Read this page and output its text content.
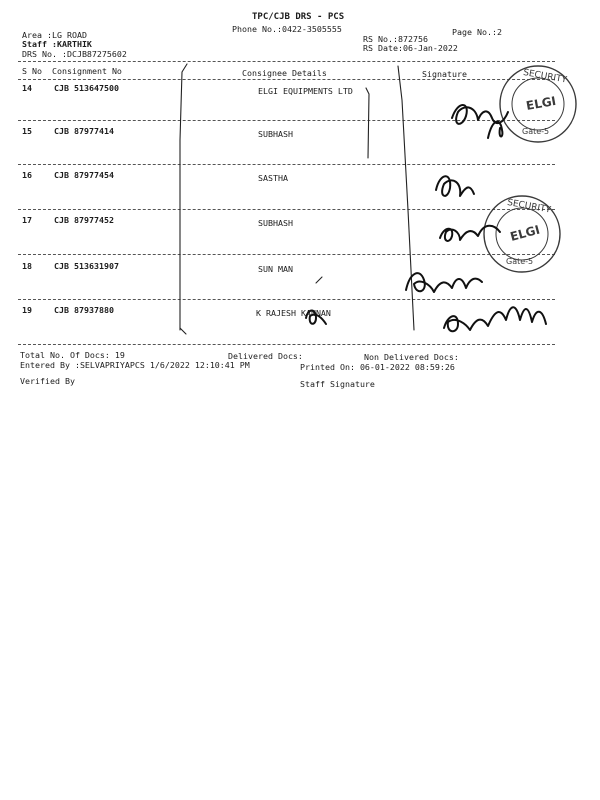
TPC/CJB DRS - PCS
Phone No.:0422-3505555	Page No.:2
Area :LG ROAD
Staff :KARTHIK
DRS No. :DCJB87275602
RS No.:872756
RS Date:06-Jan-2022
S No Consignment No	Consignee Details	Signature
14	CJB 513647500	ELGI EQUIPMENTS LTD
15	CJB 87977414	SUBHASH
16	CJB 87977454	SASTHA
17	CJB 87977452	SUBHASH
18	CJB 513631907	SUN MAN
19	CJB 87937880	K RAJESH KANNAN
Total No. Of Docs: 19	Delivered Docs:	Non Delivered Docs:
Entered By :SELVAPRIYAPCS 1/6/2022 12:10:41 PM	Printed On: 06-01-2022 08:59:26
Verified By	Staff Signature
SECURITY
ELGI
Gate-5
SECURITY
ELGI
Gate-5
